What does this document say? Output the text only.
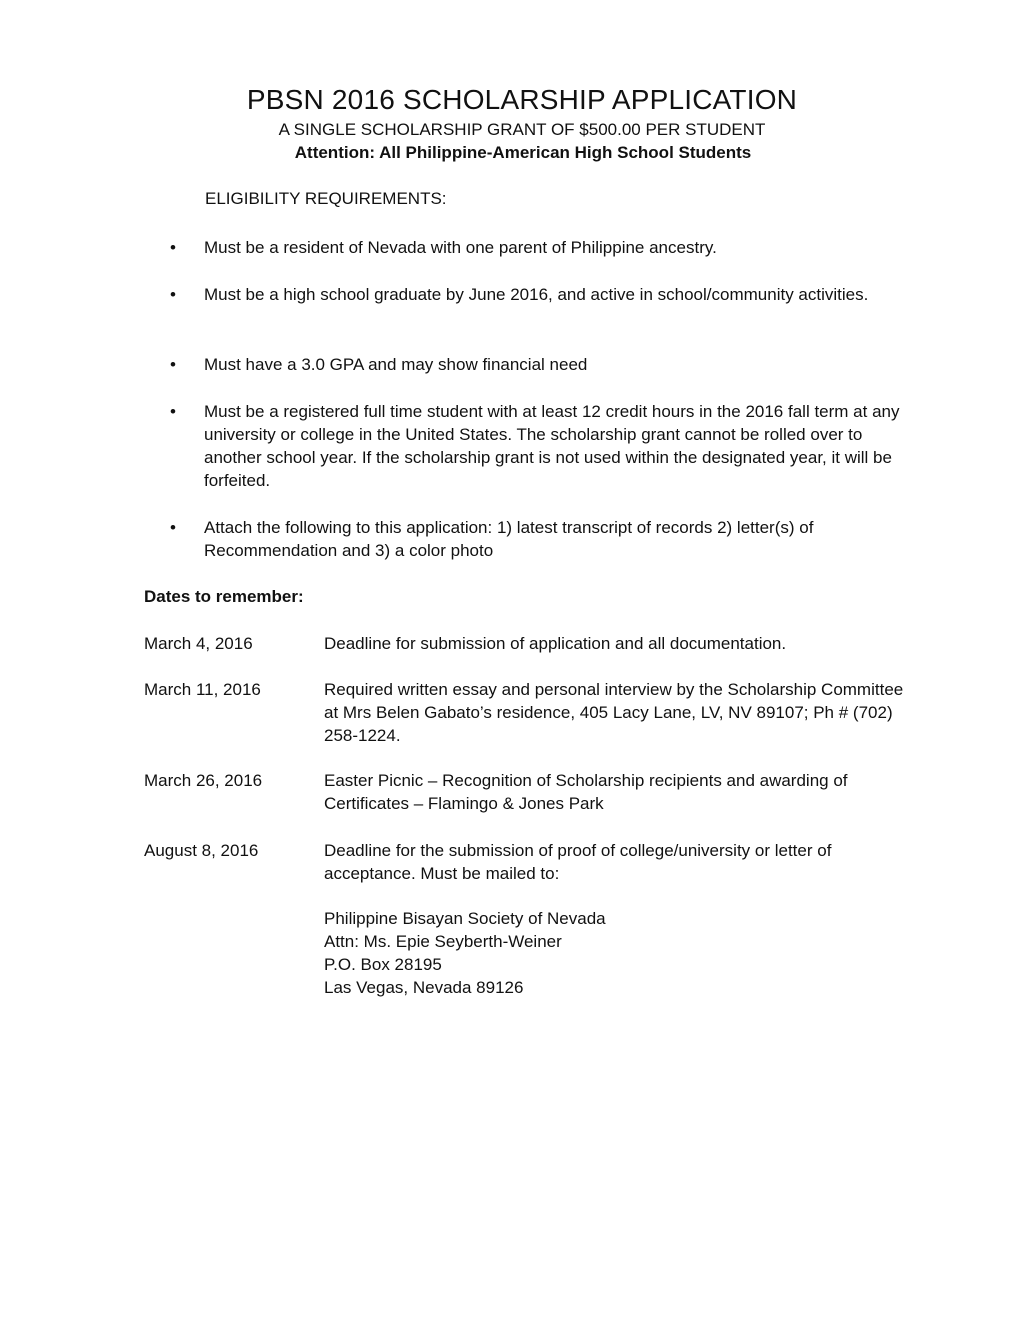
PBSN 2016 SCHOLARSHIP APPLICATION
A SINGLE SCHOLARSHIP GRANT OF $500.00 PER STUDENT
Attention: All Philippine-American High School Students
ELIGIBILITY REQUIREMENTS:
•	Must be a resident of Nevada with one parent of Philippine ancestry.
•	Must be a high school graduate by June 2016, and active in school/community activities.
•	Must have a 3.0 GPA and may show financial need
•	Must be a registered full time student with at least 12 credit hours in the 2016 fall term at any university or college in the United States. The scholarship grant cannot be rolled over to another school year. If the scholarship grant is not used within the designated year, it will be forfeited.
•	Attach the following to this application: 1) latest transcript of records 2) letter(s) of Recommendation and 3) a color photo
Dates to remember:
March 4, 2016	Deadline for submission of application and all documentation.
March 11, 2016	Required written essay and personal interview by the Scholarship Committee at Mrs Belen Gabato’s residence, 405 Lacy Lane, LV, NV 89107; Ph # (702) 258-1224.
March 26, 2016	Easter Picnic – Recognition of Scholarship recipients and awarding of Certificates – Flamingo & Jones Park
August 8, 2016	Deadline for the submission of proof of college/university or letter of acceptance. Must be mailed to:
Philippine Bisayan Society of Nevada
Attn: Ms. Epie Seyberth-Weiner
P.O. Box 28195
Las Vegas, Nevada 89126
